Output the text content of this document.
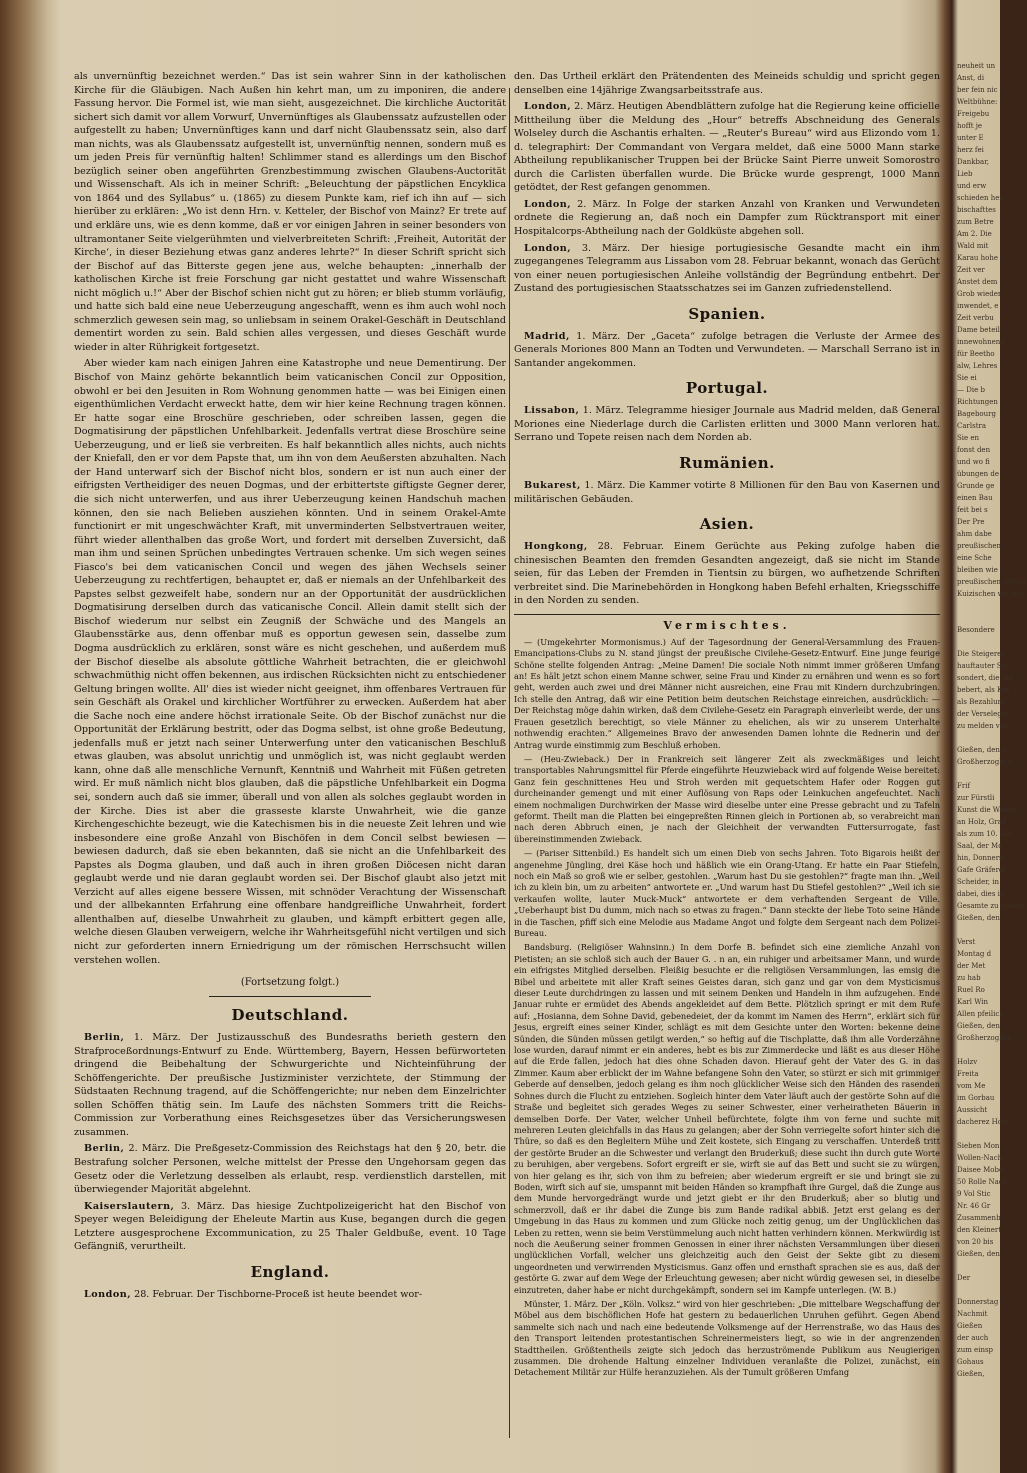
als unvernünftig bezeichnet werden.“ Das ist sein wahrer Sinn in der katholischen Kirche für die Gläubigen. Nach Außen hin kehrt man, um zu imponiren, die andere Fassung hervor. Die Formel ist, wie man sieht, ausgezeichnet. Die kirchliche Auctorität sichert sich damit vor allem Vorwurf, Unvernünftiges als Glaubenssatz aufzustellen oder aufgestellt zu haben; Unvernünftiges kann und darf nicht Glaubenssatz sein, also darf man nichts, was als Glaubenssatz aufgestellt ist, unvernünftig nennen, sondern muß es um jeden Preis für vernünftig halten! Schlimmer stand es allerdings um den Bischof bezüglich seiner oben angeführten Grenzbestimmung zwischen Glaubens-Auctorität und Wissenschaft. Als ich in meiner Schrift: „Beleuchtung der päpstlichen Encyklica von 1864 und des Syllabus“ u. (1865) zu diesem Punkte kam, rief ich ihn auf — sich hierüber zu erklären: „Wo ist denn Hrn. v. Ketteler, der Bischof von Mainz? Er trete auf und erkläre uns, wie es denn komme, daß er vor einigen Jahren in seiner besonders von ultramontaner Seite vielgerühmten und vielverbreiteten Schrift: ‚Freiheit, Autorität der Kirche‘, in dieser Beziehung etwas ganz anderes lehrte?“ In dieser Schrift spricht sich der Bischof auf das Bitterste gegen jene aus, welche behaupten: „innerhalb der katholischen Kirche ist freie Forschung gar nicht gestattet und wahre Wissenschaft nicht möglich u.!“ Aber der Bischof schien nicht gut zu hören; er blieb stumm vorläufig, und hatte sich bald eine neue Ueberzeugung angeschafft, wenn es ihm auch wohl noch schmerzlich gewesen sein mag, so unliebsam in seinem Orakel-Geschäft in Deutschland dementirt worden zu sein. Bald schien alles vergessen, und dieses Geschäft wurde wieder in alter Rührigkeit fortgesetzt.

Aber wieder kam nach einigen Jahren eine Katastrophe und neue Dementirung. Der Bischof von Mainz gehörte bekanntlich beim vaticanischen Concil zur Opposition, obwohl er bei den Jesuiten in Rom Wohnung genommen hatte — was bei Einigen einen eigenthümlichen Verdacht erweckt hatte, dem wir hier keine Rechnung tragen können. Er hatte sogar eine Broschüre geschrieben, oder schreiben lassen, gegen die Dogmatisirung der päpstlichen Unfehlbarkeit. Jedenfalls vertrat diese Broschüre seine Ueberzeugung, und er ließ sie verbreiten. Es half bekanntlich alles nichts, auch nichts der Kniefall, den er vor dem Papste that, um ihn von dem Aeußersten abzuhalten. Nach der Hand unterwarf sich der Bischof nicht blos, sondern er ist nun auch einer der eifrigsten Vertheidiger des neuen Dogmas, und der erbittertste giftigste Gegner derer, die sich nicht unterwerfen, und aus ihrer Ueberzeugung keinen Handschuh machen können, den sie nach Belieben ausziehen könnten. Und in seinem Orakel-Amte functionirt er mit ungeschwächter Kraft, mit unverminderten Selbstvertrauen weiter, führt wieder allenthalben das große Wort, und fordert mit derselben Zuversicht, daß man ihm und seinen Sprüchen unbedingtes Vertrauen schenke. Um sich wegen seines Fiasco's bei dem vaticanischen Concil und wegen des jähen Wechsels seiner Ueberzeugung zu rechtfertigen, behauptet er, daß er niemals an der Unfehlbarkeit des Papstes selbst gezweifelt habe, sondern nur an der Opportunität der ausdrücklichen Dogmatisirung derselben durch das vaticanische Concil. Allein damit stellt sich der Bischof wiederum nur selbst ein Zeugniß der Schwäche und des Mangels an Glaubensstärke aus, denn offenbar muß es opportun gewesen sein, dasselbe zum Dogma ausdrücklich zu erklären, sonst wäre es nicht geschehen, und außerdem muß der Bischof dieselbe als absolute göttliche Wahrheit betrachten, die er gleichwohl schwachmüthig nicht offen bekennen, aus irdischen Rücksichten nicht zu entschiedener Geltung bringen wollte. All' dies ist wieder nicht geeignet, ihm offenbares Vertrauen für sein Geschäft als Orakel und kirchlicher Wortführer zu erwecken. Außerdem hat aber die Sache noch eine andere höchst irrationale Seite. Ob der Bischof zunächst nur die Opportunität der Erklärung bestritt, oder das Dogma selbst, ist ohne große Bedeutung, jedenfalls muß er jetzt nach seiner Unterwerfung unter den vaticanischen Beschluß etwas glauben, was absolut unrichtig und unmöglich ist, was nicht geglaubt werden kann, ohne daß alle menschliche Vernunft, Kenntniß und Wahrheit mit Füßen getreten wird. Er muß nämlich nicht blos glauben, daß die päpstliche Unfehlbarkeit ein Dogma sei, sondern auch daß sie immer, überall und von allen als solches geglaubt worden in der Kirche. Dies ist aber die grasseste klarste Unwahrheit, wie die ganze Kirchengeschichte bezeugt, wie die Katechismen bis in die neueste Zeit lehren und wie insbesondere eine große Anzahl von Bischöfen in dem Concil selbst bewiesen — bewiesen dadurch, daß sie eben bekannten, daß sie nicht an die Unfehlbarkeit des Papstes als Dogma glauben, und daß auch in ihren großen Diöcesen nicht daran geglaubt werde und nie daran geglaubt worden sei. Der Bischof glaubt also jetzt mit Verzicht auf alles eigene bessere Wissen, mit schnöder Verachtung der Wissenschaft und der allbekannten Erfahrung eine offenbare handgreifliche Unwahrheit, fordert allenthalben auf, dieselbe Unwahrheit zu glauben, und kämpft erbittert gegen alle, welche diesen Glauben verweigern, welche ihr Wahrheitsgefühl nicht vertilgen und sich nicht zur geforderten innern Erniedrigung um der römischen Herrschsucht willen verstehen wollen.

(Fortsetzung folgt.)
Deutschland.

Berlin, 1. März. Der Justizausschuß des Bundesraths berieth gestern den Strafproceßordnungs-Entwurf zu Ende. Württemberg, Bayern, Hessen befürworteten dringend die Beibehaltung der Schwurgerichte und Nichteinführung der Schöffengerichte. Der preußische Justizminister verzichtete, der Stimmung der Südstaaten Rechnung tragend, auf die Schöffengerichte; nur neben dem Einzelrichter sollen Schöffen thätig sein. Im Laufe des nächsten Sommers tritt die Reichs-Commission zur Vorberathung eines Reichsgesetzes über das Versicherungswesen zusammen.

Berlin, 2. März. Die Preßgesetz-Commission des Reichstags hat den § 20, betr. die Bestrafung solcher Personen, welche mittelst der Presse den Ungehorsam gegen das Gesetz oder die Verletzung desselben als erlaubt, resp. verdienstlich darstellen, mit überwiegender Majorität abgelehnt.

Kaiserslautern, 3. März. Das hiesige Zuchtpolizeigericht hat den Bischof von Speyer wegen Beleidigung der Eheleute Martin aus Kuse, begangen durch die gegen Letztere ausgesprochene Excommunication, zu 25 Thaler Geldbuße, event. 10 Tage Gefängniß, verurtheilt.

England.

London, 28. Februar. Der Tischborne-Proceß ist heute beendet wor-

den. Das Urtheil erklärt den Prätendenten des Meineids schuldig und spricht gegen denselben eine 14jährige Zwangsarbeitsstrafe aus.

London, 2. März. Heutigen Abendblättern zufolge hat die Regierung keine officielle Mittheilung über die Meldung des „Hour“ betreffs Abschneidung des Generals Wolseley durch die Aschantis erhalten. — „Reuter's Bureau“ wird aus Elizondo vom 1. d. telegraphirt: Der Commandant von Vergara meldet, daß eine 5000 Mann starke Abtheilung republikanischer Truppen bei der Brücke Saint Pierre unweit Somorostro durch die Carlisten überfallen wurde. Die Brücke wurde gesprengt, 1000 Mann getödtet, der Rest gefangen genommen.

London, 2. März. In Folge der starken Anzahl von Kranken und Verwundeten ordnete die Regierung an, daß noch ein Dampfer zum Rücktransport mit einer Hospitalcorps-Abtheilung nach der Goldküste abgehen soll.

London, 3. März. Der hiesige portugiesische Gesandte macht ein ihm zugegangenes Telegramm aus Lissabon vom 28. Februar bekannt, wonach das Gerücht von einer neuen portugiesischen Anleihe vollständig der Begründung entbehrt. Der Zustand des portugiesischen Staatsschatzes sei im Ganzen zufriedenstellend.

Spanien.

Madrid, 1. März. Der „Gaceta“ zufolge betragen die Verluste der Armee des Generals Moriones 800 Mann an Todten und Verwundeten. — Marschall Serrano ist in Santander angekommen.

Portugal.

Lissabon, 1. März. Telegramme hiesiger Journale aus Madrid melden, daß General Moriones eine Niederlage durch die Carlisten erlitten und 3000 Mann verloren hat. Serrano und Topete reisen nach dem Norden ab.

Rumänien.

Bukarest, 1. März. Die Kammer votirte 8 Millionen für den Bau von Kasernen und militärischen Gebäuden.

Asien.

Hongkong, 28. Februar. Einem Gerüchte aus Peking zufolge haben die chinesischen Beamten den fremden Gesandten angezeigt, daß sie nicht im Stande seien, für das Leben der Fremden in Tientsin zu bürgen, wo aufhetzende Schriften verbreitet sind. Die Marinebehörden in Hongkong haben Befehl erhalten, Kriegsschiffe in den Norden zu senden.

Vermischtes.

— (Umgekehrter Mormonismus.) Auf der Tagesordnung der General-Versammlung des Frauen-Emancipations-Clubs zu N. stand jüngst der preußische Civilehe-Gesetz-Entwurf. Eine junge feurige Schöne stellte folgenden Antrag: „Meine Damen! Die sociale Noth nimmt immer größeren Umfang an! Es hält jetzt schon einem Manne schwer, seine Frau und Kinder zu ernähren und wenn es so fort geht, werden auch zwei und drei Männer nicht ausreichen, eine Frau mit Kindern durchzubringen. Ich stelle den Antrag, daß wir eine Petition beim deutschen Reichstage einreichen, ausdrücklich: — Der Reichstag möge dahin wirken, daß dem Civilehe-Gesetz ein Paragraph einverleibt werde, der uns Frauen gesetzlich berechtigt, so viele Männer zu ehelichen, als wir zu unserem Unterhalte nothwendig erachten.“ Allgemeines Bravo der anwesenden Damen lohnte die Rednerin und der Antrag wurde einstimmig zum Beschluß erhoben.

— (Heu-Zwieback.) Der in Frankreich seit längerer Zeit als zweckmäßiges und leicht transportables Nahrungsmittel für Pferde eingeführte Heuzwieback wird auf folgende Weise bereitet: Ganz fein geschnittenes Heu und Stroh werden mit gequetschtem Hafer oder Roggen gut durcheinander gemengt und mit einer Auflösung von Raps oder Leinkuchen angefeuchtet. Nach einem nochmaligen Durchwirken der Masse wird dieselbe unter eine Presse gebracht und zu Tafeln geformt. Theilt man die Platten bei eingepreßten Rinnen gleich in Portionen ab, so verabreicht man nach deren Abbruch einen, je nach der Gleichheit der verwandten Futtersurrogate, fast übereinstimmenden Zwieback.

— (Pariser Sittenbild.) Es handelt sich um einen Dieb von sechs Jahren. Toto Bigarois heißt der angenehme Jüngling, drei Käse hoch und häßlich wie ein Orang-Utang. Er hatte ein Paar Stiefeln, noch ein Maß so groß wie er selber, gestohlen. „Warum hast Du sie gestohlen?“ fragte man ihn. „Weil ich zu klein bin, um zu arbeiten“ antwortete er. „Und warum hast Du Stiefel gestohlen?“ „Weil ich sie verkaufen wollte, lauter Muck-Muck“ antwortete er dem verhaftenden Sergeant de Ville. „Ueberhaupt bist Du dumm, mich nach so etwas zu fragen.“ Dann steckte der liebe Toto seine Hände in die Taschen, pfiff sich eine Melodie aus Madame Angot und folgte dem Sergeant nach dem Polizei-Bureau.

Bandsburg. (Religiöser Wahnsinn.) In dem Dorfe B. befindet sich eine ziemliche Anzahl von Pietisten; an sie schloß sich auch der Bauer G. . n an, ein ruhiger und arbeitsamer Mann, und wurde ein eifrigstes Mitglied derselben. Fleißig besuchte er die religiösen Versammlungen, las emsig die Bibel und arbeitete mit aller Kraft seines Geistes daran, sich ganz und gar von dem Mysticismus dieser Leute durchdringen zu lassen und mit seinem Denken und Handeln in ihm aufzugehen. Ende Januar ruhte er ermüdet des Abends angekleidet auf dem Bette. Plötzlich springt er mit dem Rufe auf: „Hosianna, dem Sohne David, gebenedeiet, der da kommt im Namen des Herrn“, erklärt sich für Jesus, ergreift eines seiner Kinder, schlägt es mit dem Gesichte unter den Worten: bekenne deine Sünden, die Sünden müssen getilgt werden,“ so heftig auf die Tischplatte, daß ihm alle Vorderzähne lose wurden, darauf nimmt er ein anderes, hebt es bis zur Zimmerdecke und läßt es aus dieser Höhe auf die Erde fallen, jedoch hat dies ohne Schaden davon. Hierauf geht der Vater des G. in das Zimmer. Kaum aber erblickt der im Wahne befangene Sohn den Vater, so stürzt er sich mit grimmiger Geberde auf denselben, jedoch gelang es ihm noch glücklicher Weise sich den Händen des rasenden Sohnes durch die Flucht zu entziehen. Sogleich hinter dem Vater läuft auch der gestörte Sohn auf die Straße und begleitet sich gerades Weges zu seiner Schwester, einer verheiratheten Bäuerin in demselben Dorfe. Der Vater, welcher Unheil befürchtete, folgte ihm von ferne und suchte mit mehreren Leuten gleichfalls in das Haus zu gelangen; aber der Sohn verriegelte sofort hinter sich die Thüre, so daß es den Begleitern Mühe und Zeit kostete, sich Eingang zu verschaffen. Unterdeß tritt der gestörte Bruder an die Schwester und verlangt den Bruderkuß; diese sucht ihn durch gute Worte zu beruhigen, aber vergebens. Sofort ergreift er sie, wirft sie auf das Bett und sucht sie zu würgen, von hier gelang es ihr, sich von ihm zu befreien; aber wiederum ergreift er sie und bringt sie zu Boden, wirft sich auf sie, umspannt mit beiden Händen so krampfhaft ihre Gurgel, daß die Zunge aus dem Munde hervorgedrängt wurde und jetzt giebt er ihr den Bruderkuß; aber so blutig und schmerzvoll, daß er ihr dabei die Zunge bis zum Bande radikal abbiß. Jetzt erst gelang es der Umgebung in das Haus zu kommen und zum Glücke noch zeitig genug, um der Unglücklichen das Leben zu retten, wenn sie beim Verstümmelung auch nicht hatten verhindern können. Merkwürdig ist noch die Aeußerung seiner frommen Genossen in einer ihrer nächsten Versammlungen über diesen unglücklichen Vorfall, welcher uns gleichzeitig auch den Geist der Sekte gibt zu diesem ungeordneten und verwirrenden Mysticismus. Ganz offen und ernsthaft sprachen sie es aus, daß der gestörte G. zwar auf dem Wege der Erleuchtung gewesen; aber nicht würdig gewesen sei, in dieselbe einzutreten, daher habe er nicht durchgekämpft, sondern sei im Kampfe unterlegen. (W. B.)

Münster, 1. März. Der „Köln. Volksz.“ wird von hier geschrieben: „Die mittelbare Wegschaffung der Möbel aus dem bischöflichen Hofe hat gestern zu bedauerlichen Unruhen geführt. Gegen Abend sammelte sich nach und nach eine bedeutende Volksmenge auf der Herrenstraße, wo das Haus des den Transport leitenden protestantischen Schreinermeisters liegt, so wie in der angrenzenden Stadttheilen. Größtentheils zeigte sich jedoch das herzuströmende Publikum aus Neugierigen zusammen. Die drohende Haltung einzelner Individuen veranlaßte die Polizei, zunächst, ein Detachement Militär zur Hülfe heranzuziehen. Als der Tumult größeren Umfang

neuheit un
Anst, di
ber fein nic
Weltbühne:
Freigebu
hofft je
unter E
herz fei
Dankbar,
Lieb
und erw
schieden her
bischafttes
zum Betre
Am 2. Die
Wald mit
Karau hohe
Zeit ver
Anstet dem
Grob wieder
inwendet, e
Zeit verbu
Dame beteil
innewohnend
für Beetho
alw, Lehres
Sie ei
— Die b
Richtungen
Bagebourg
Carlstra
Sie en
fonst den
und wo fi
übungen de
Grunde ge
einen Bau
feit bei s
Der Pre
ahm dabe
preußischen
eine Sche
bleiben wie
preußischen Officie
Kuizischen wir mü
Besondere
Die Steigerer
hauftauter Str
sondert, die Ste
bebert, als Kre
als Bezahlung
der Verseleger
zu melden von
Gießen, den 3.
Großherzoglich
Frif
zur Fürstli
Kunst die Walter
an Holz, Grad
als zum 10. Mä
Saal, der Mo
hin, Donnerst
Gafe Gräferer
Scheider, in
dabei, dies in
Gesamte zu lassen.
Gießen, den
Verst
Montag d
der Met
zu hab
Ruel Ro
Karl Win
Allen pfeilich
Gießen, den
Großherzoglich
Holzv
Freita
vom Me
im Gorbau
Aussicht
dacherez Holz
Sieben Mon
Wollen-Nach
Daisee Mobe
50 Rolle Nach
9 Vol Stic
Nr. 46 Gr
Zusammenb
den Kleinert
von 20 bis
Gießen, den
Der
Donnerstag
Nachmit
Gießen
der auch
zum einsp
Gohaus
Gießen,
